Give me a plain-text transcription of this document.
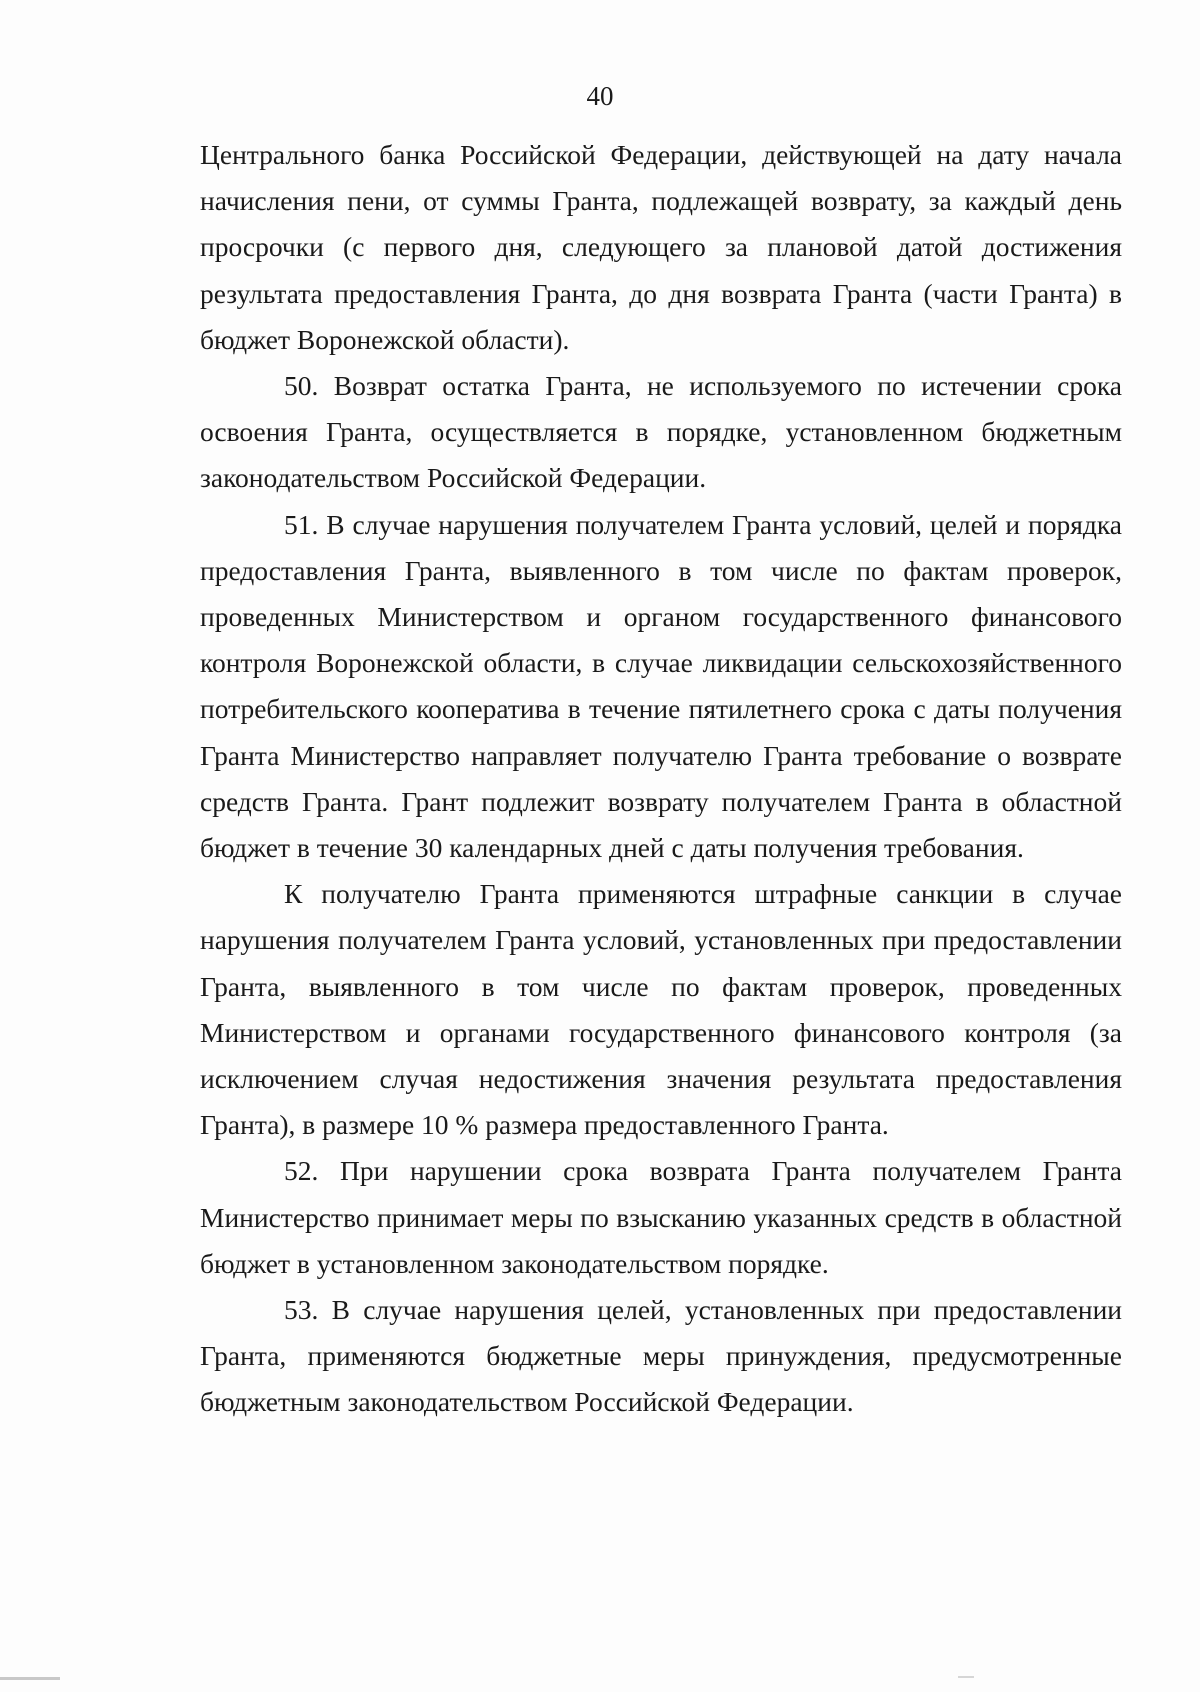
40

Центрального банка Российской Федерации, действующей на дату начала начисления пени, от суммы Гранта, подлежащей возврату, за каждый день просрочки (с первого дня, следующего за плановой датой достижения результата предоставления Гранта, до дня возврата Гранта (части Гранта) в бюджет Воронежской области).

50. Возврат остатка Гранта, не используемого по истечении срока освоения Гранта, осуществляется в порядке, установленном бюджетным законодательством Российской Федерации.

51. В случае нарушения получателем Гранта условий, целей и порядка предоставления Гранта, выявленного в том числе по фактам проверок, проведенных Министерством и органом государственного финансового контроля Воронежской области, в случае ликвидации сельскохозяйственного потребительского кооператива в течение пятилетнего срока с даты получения Гранта Министерство направляет получателю Гранта требование о возврате средств Гранта. Грант подлежит возврату получателем Гранта в областной бюджет в течение 30 календарных дней с даты получения требования.

К получателю Гранта применяются штрафные санкции в случае нарушения получателем Гранта условий, установленных при предоставлении Гранта, выявленного в том числе по фактам проверок, проведенных Министерством и органами государственного финансового контроля (за исключением случая недостижения значения результата предоставления Гранта), в размере 10 % размера предоставленного Гранта.

52. При нарушении срока возврата Гранта получателем Гранта Министерство принимает меры по взысканию указанных средств в областной бюджет в установленном законодательством порядке.

53. В случае нарушения целей, установленных при предоставлении Гранта, применяются бюджетные меры принуждения, предусмотренные бюджетным законодательством Российской Федерации.
